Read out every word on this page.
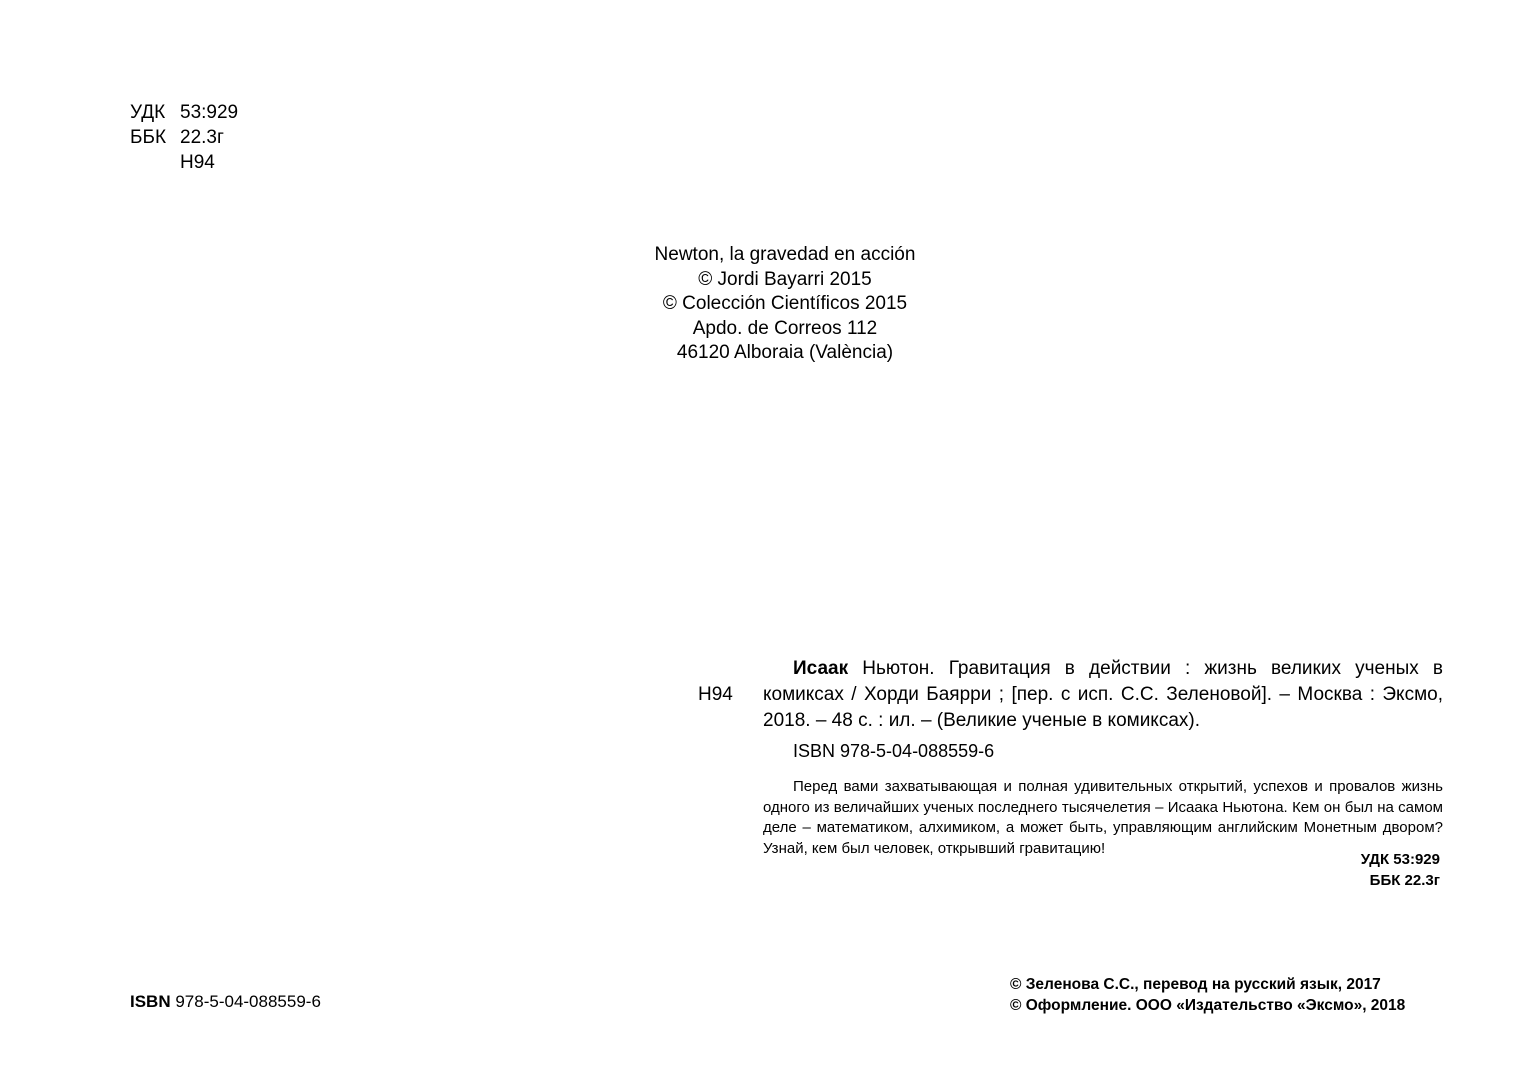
УДК 53:929
ББК 22.3г
Н94
Newton, la gravedad en acción
© Jordi Bayarri 2015
© Colección Científicos 2015
Apdo. de Correos 112
46120 Alboraia (València)
Н94
Исаак Ньютон. Гравитация в действии : жизнь великих ученых в комиксах / Хорди Баярри ; [пер. с исп. С.С. Зеленовой]. – Москва : Эксмо, 2018. – 48 с. : ил. – (Великие ученые в комиксах).
ISBN 978-5-04-088559-6
Перед вами захватывающая и полная удивительных открытий, успехов и провалов жизнь одного из величайших ученых последнего тысячелетия – Исаака Ньютона. Кем он был на самом деле – математиком, алхимиком, а может быть, управляющим английским Монетным двором? Узнай, кем был человек, открывший гравитацию!
УДК 53:929
ББК 22.3г
ISBN 978-5-04-088559-6
© Зеленова С.С., перевод на русский язык, 2017
© Оформление. ООО «Издательство «Эксмо», 2018
